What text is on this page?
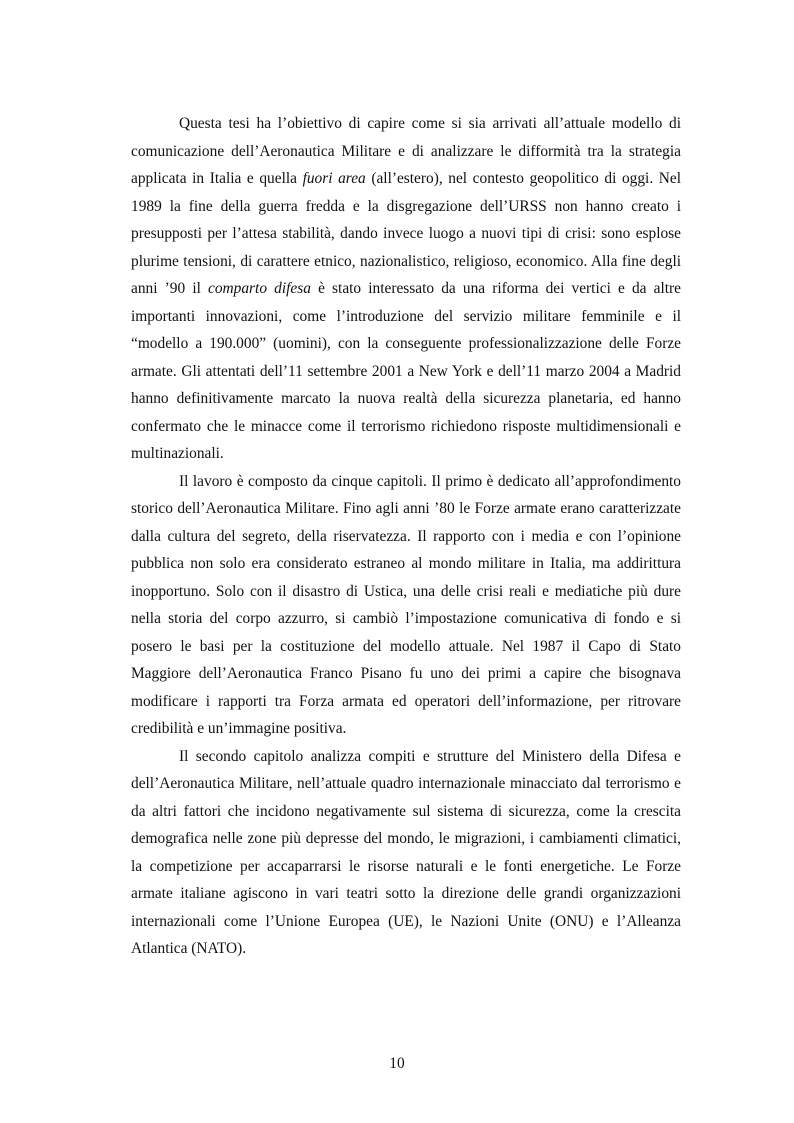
Questa tesi ha l’obiettivo di capire come si sia arrivati all’attuale modello di comunicazione dell’Aeronautica Militare e di analizzare le difformità tra la strategia applicata in Italia e quella fuori area (all’estero), nel contesto geopolitico di oggi. Nel 1989 la fine della guerra fredda e la disgregazione dell’URSS non hanno creato i presupposti per l’attesa stabilità, dando invece luogo a nuovi tipi di crisi: sono esplose plurime tensioni, di carattere etnico, nazionalistico, religioso, economico. Alla fine degli anni ’90 il comparto difesa è stato interessato da una riforma dei vertici e da altre importanti innovazioni, come l’introduzione del servizio militare femminile e il “modello a 190.000” (uomini), con la conseguente professionalizzazione delle Forze armate. Gli attentati dell’11 settembre 2001 a New York e dell’11 marzo 2004 a Madrid hanno definitivamente marcato la nuova realtà della sicurezza planetaria, ed hanno confermato che le minacce come il terrorismo richiedono risposte multidimensionali e multinazionali.

Il lavoro è composto da cinque capitoli. Il primo è dedicato all’approfondimento storico dell’Aeronautica Militare. Fino agli anni ’80 le Forze armate erano caratterizzate dalla cultura del segreto, della riservatezza. Il rapporto con i media e con l’opinione pubblica non solo era considerato estraneo al mondo militare in Italia, ma addirittura inopportuno. Solo con il disastro di Ustica, una delle crisi reali e mediatiche più dure nella storia del corpo azzurro, si cambiò l’impostazione comunicativa di fondo e si posero le basi per la costituzione del modello attuale. Nel 1987 il Capo di Stato Maggiore dell’Aeronautica Franco Pisano fu uno dei primi a capire che bisognava modificare i rapporti tra Forza armata ed operatori dell’informazione, per ritrovare credibilità e un’immagine positiva.

Il secondo capitolo analizza compiti e strutture del Ministero della Difesa e dell’Aeronautica Militare, nell’attuale quadro internazionale minacciato dal terrorismo e da altri fattori che incidono negativamente sul sistema di sicurezza, come la crescita demografica nelle zone più depresse del mondo, le migrazioni, i cambiamenti climatici, la competizione per accaparrarsi le risorse naturali e le fonti energetiche. Le Forze armate italiane agiscono in vari teatri sotto la direzione delle grandi organizzazioni internazionali come l’Unione Europea (UE), le Nazioni Unite (ONU) e l’Alleanza Atlantica (NATO).

10
